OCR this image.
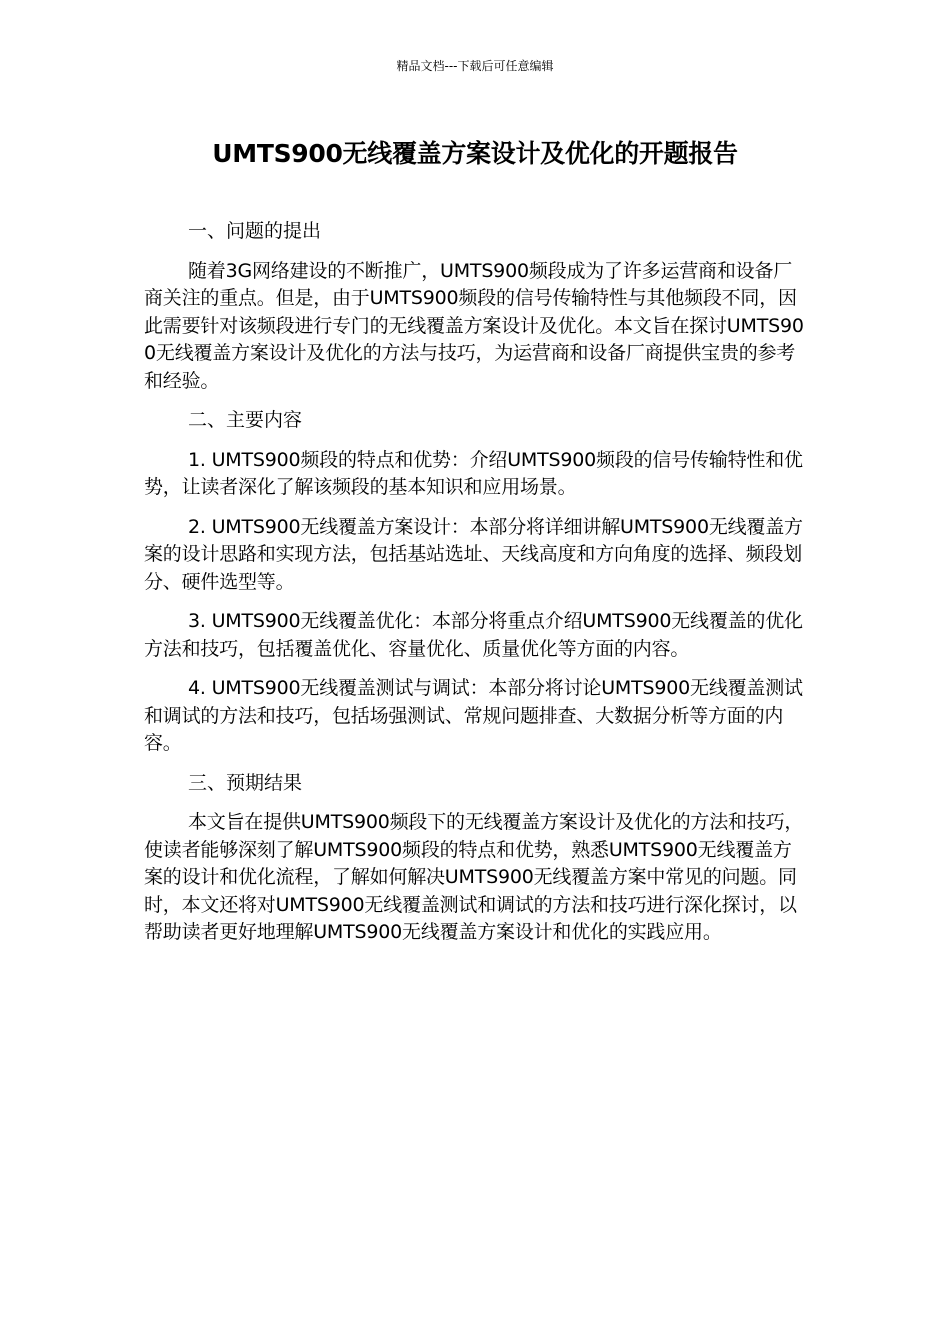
精品文档---下载后可任意编辑
UMTS900无线覆盖方案设计及优化的开题报告

一、问题的提出

随着3G网络建设的不断推广，UMTS900频段成为了许多运营商和设备厂商关注的重点。但是，由于UMTS900频段的信号传输特性与其他频段不同，因此需要针对该频段进行专门的无线覆盖方案设计及优化。本文旨在探讨UMTS900无线覆盖方案设计及优化的方法与技巧，为运营商和设备厂商提供宝贵的参考和经验。

二、主要内容

1. UMTS900频段的特点和优势：介绍UMTS900频段的信号传输特性和优势，让读者深化了解该频段的基本知识和应用场景。

2. UMTS900无线覆盖方案设计：本部分将详细讲解UMTS900无线覆盖方案的设计思路和实现方法，包括基站选址、天线高度和方向角度的选择、频段划分、硬件选型等。

3. UMTS900无线覆盖优化：本部分将重点介绍UMTS900无线覆盖的优化方法和技巧，包括覆盖优化、容量优化、质量优化等方面的内容。

4. UMTS900无线覆盖测试与调试：本部分将讨论UMTS900无线覆盖测试和调试的方法和技巧，包括场强测试、常规问题排查、大数据分析等方面的内容。

三、预期结果

本文旨在提供UMTS900频段下的无线覆盖方案设计及优化的方法和技巧，使读者能够深刻了解UMTS900频段的特点和优势，熟悉UMTS900无线覆盖方案的设计和优化流程，了解如何解决UMTS900无线覆盖方案中常见的问题。同时，本文还将对UMTS900无线覆盖测试和调试的方法和技巧进行深化探讨，以帮助读者更好地理解UMTS900无线覆盖方案设计和优化的实践应用。
